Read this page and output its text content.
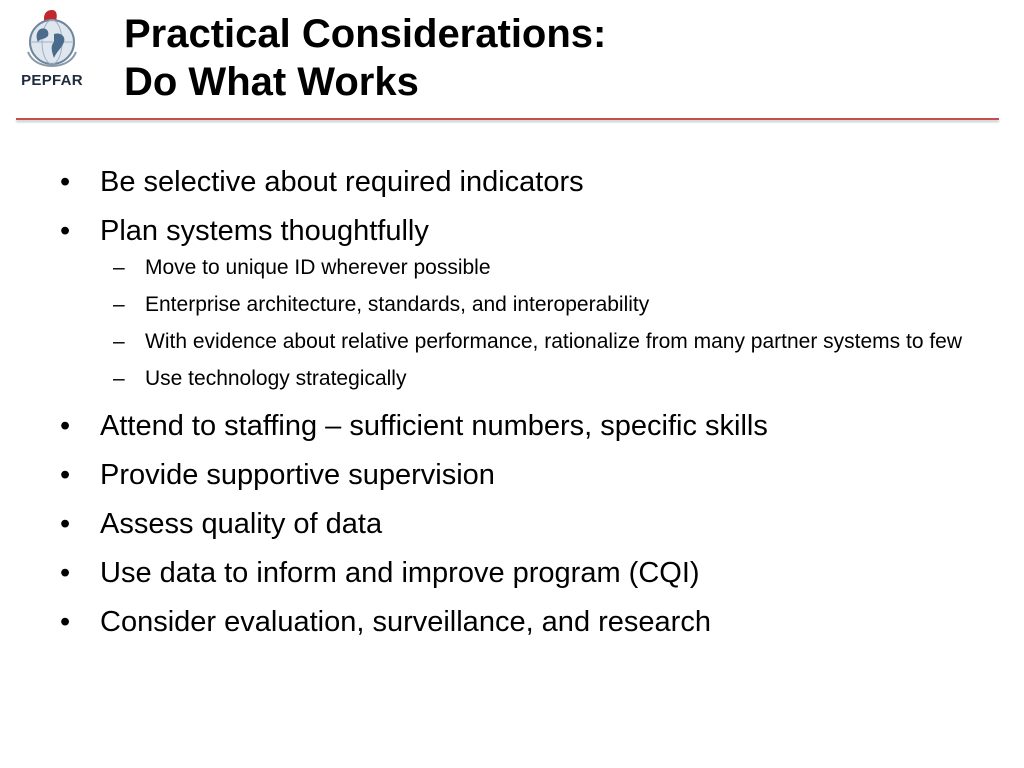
PEPFAR
Practical Considerations:
Do What Works
• Be selective about required indicators
• Plan systems thoughtfully
– Move to unique ID wherever possible
– Enterprise architecture, standards, and interoperability
– With evidence about relative performance, rationalize from many partner systems to few
– Use technology strategically
• Attend to staffing – sufficient numbers, specific skills
• Provide supportive supervision
• Assess quality of data
• Use data to inform and improve program (CQI)
• Consider evaluation, surveillance, and research
